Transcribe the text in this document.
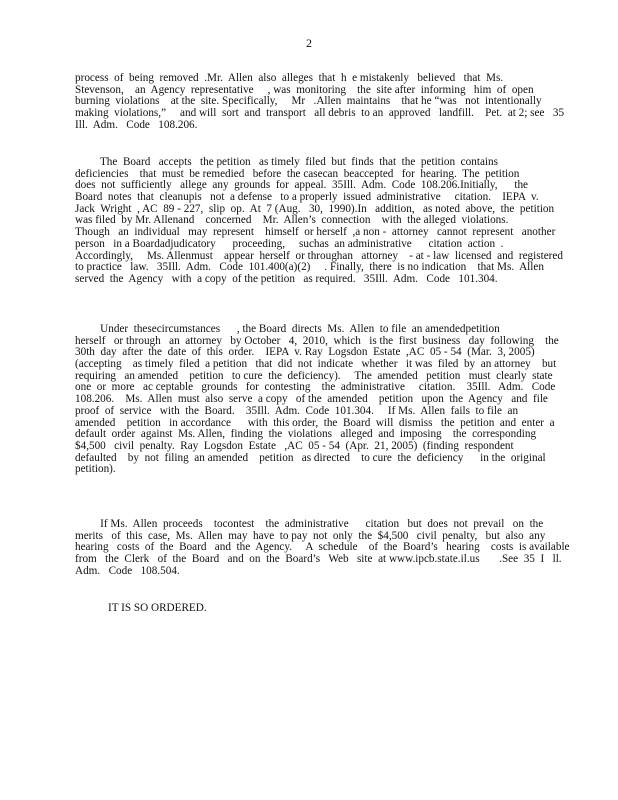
2
process  of  being  removed  .Mr.  Allen  also  alleges  that  h  e mistakenly   believed   that  Ms.
Stevenson,    an  Agency  representative     , was  monitoring    the  site after  informing   him  of  open
burning  violations    at the  site. Specifically,     Mr   .Allen  maintains    that he “was   not  intentionally
making  violations,”     and will  sort  and  transport   all debris  to an  approved   landfill.    Pet.  at 2; see   35
Ill.  Adm.   Code   108.206.
The  Board   accepts   the petition   as timely  filed  but  finds  that  the  petition  contains
deficiencies    that  must  be remedied   before  the casecan  beaccepted   for  hearing.  The  petition
does  not  sufficiently   allege  any  grounds  for  appeal.  35Ill.  Adm.  Code  108.206.Initially,      the
Board  notes  that  cleanupis   not  a defense   to a properly  issued  administrative     citation.    IEPA  v.
Jack  Wright  , AC  89 - 227,  slip  op.  At  7 (Aug.   30,  1990).In   addition,   as noted  above,  the  petition
was filed  by Mr. Allenand    concerned    Mr.  Allen’s  connection    with  the alleged  violations.
Though   an  individual   may  represent    himself  or herself  ,a non -  attorney   cannot  represent   another
person   in a Boardadjudicatory      proceeding,     suchas  an administrative      citation  action  .
Accordingly,     Ms. Allenmust    appear  herself  or throughan   attorney    - at - law  licensed  and  registered
to practice   law.   35Ill.  Adm.   Code  101.400(a)(2)     . Finally,  there  is no indication    that Ms.  Allen
served  the  Agency   with  a copy  of the petition   as required.   35Ill.  Adm.   Code   101.304.
Under  thesecircumstances      , the Board  directs  Ms.  Allen  to file  an amendedpetition
herself   or through   an  attorney   by October   4,  2010,  which   is the  first  business   day  following    the
30th  day  after  the  date  of  this  order.    IEPA  v. Ray  Logsdon  Estate  ,AC  05 - 54  (Mar.  3, 2005)
(accepting    as timely  filed  a petition   that  did  not  indicate   whether   it was  filed  by  an attorney    but
requiring   an amended    petition   to cure  the  deficiency).     The  amended   petition   must  clearly  state
one  or  more   ac ceptable   grounds   for  contesting    the  administrative     citation.    35Ill.   Adm.   Code
108.206.    Ms.  Allen  must  also  serve  a copy   of the  amended    petition   upon  the  Agency   and  file
proof  of  service   with  the  Board.    35Ill.  Adm.  Code  101.304.     If Ms.  Allen  fails  to file  an
amended    petition   in accordance      with  this order,  the  Board  will  dismiss   the  petition  and  enter  a
default  order  against  Ms. Allen,  finding  the  violations   alleged  and  imposing    the  corresponding
$4,500   civil  penalty.  Ray  Logsdon  Estate   ,AC  05 - 54  (Apr.  21, 2005)  (finding  respondent
defaulted    by  not  filing  an amended    petition   as directed    to cure  the  deficiency      in the  original
petition).
If Ms.  Allen  proceeds    tocontest    the  administrative      citation   but  does  not  prevail   on  the
merits   of  this  case,  Ms.  Allen  may  have  to pay  not  only  the  $4,500   civil  penalty,   but  also  any
hearing   costs  of  the  Board   and  the  Agency.     A  schedule    of  the  Board’s   hearing    costs  is available
from   the  Clerk   of  the  Board   and  on  the  Board’s   Web   site  at www.ipcb.state.il.us       .See  35  I   ll.
Adm.   Code   108.504.
IT IS SO ORDERED.
